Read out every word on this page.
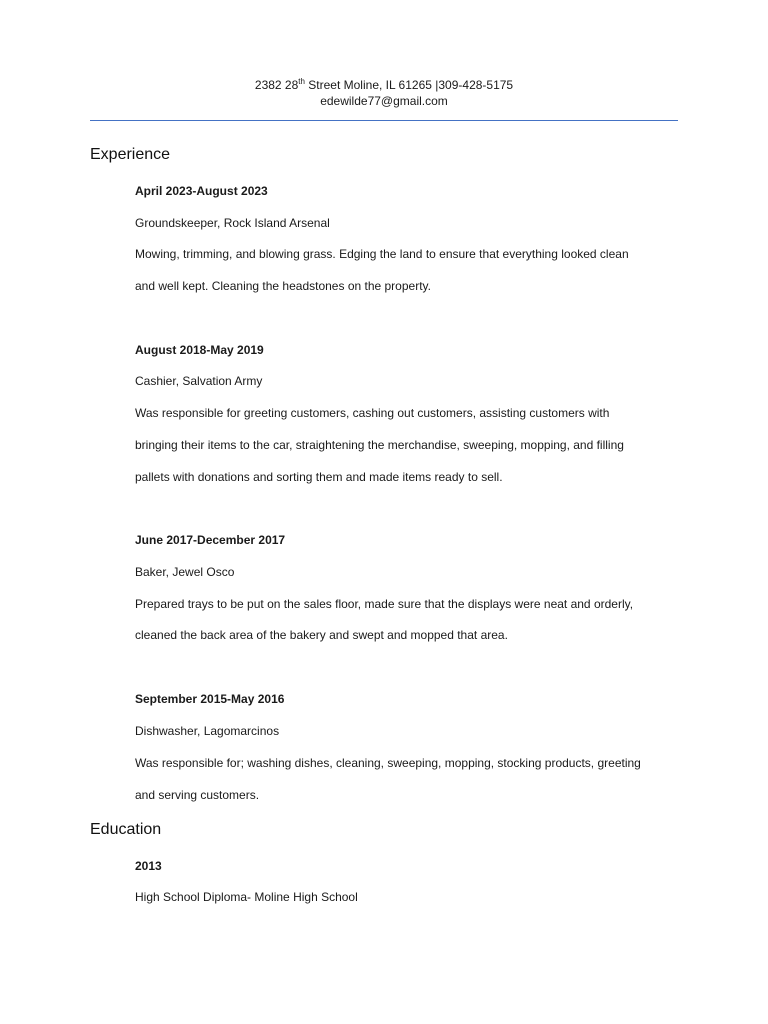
2382 28th Street Moline, IL 61265 |309-428-5175
edewilde77@gmail.com
Experience

April 2023-August 2023

Groundskeeper, Rock Island Arsenal

Mowing, trimming, and blowing grass. Edging the land to ensure that everything looked clean

and well kept. Cleaning the headstones on the property.

August 2018-May 2019

Cashier, Salvation Army

Was responsible for greeting customers, cashing out customers, assisting customers with

bringing their items to the car, straightening the merchandise, sweeping, mopping, and filling

pallets with donations and sorting them and made items ready to sell.

June 2017-December 2017

Baker, Jewel Osco

Prepared trays to be put on the sales floor, made sure that the displays were neat and orderly,

cleaned the back area of the bakery and swept and mopped that area.

September 2015-May 2016

Dishwasher, Lagomarcinos

Was responsible for; washing dishes, cleaning, sweeping, mopping, stocking products, greeting

and serving customers.

Education

2013

High School Diploma- Moline High School
